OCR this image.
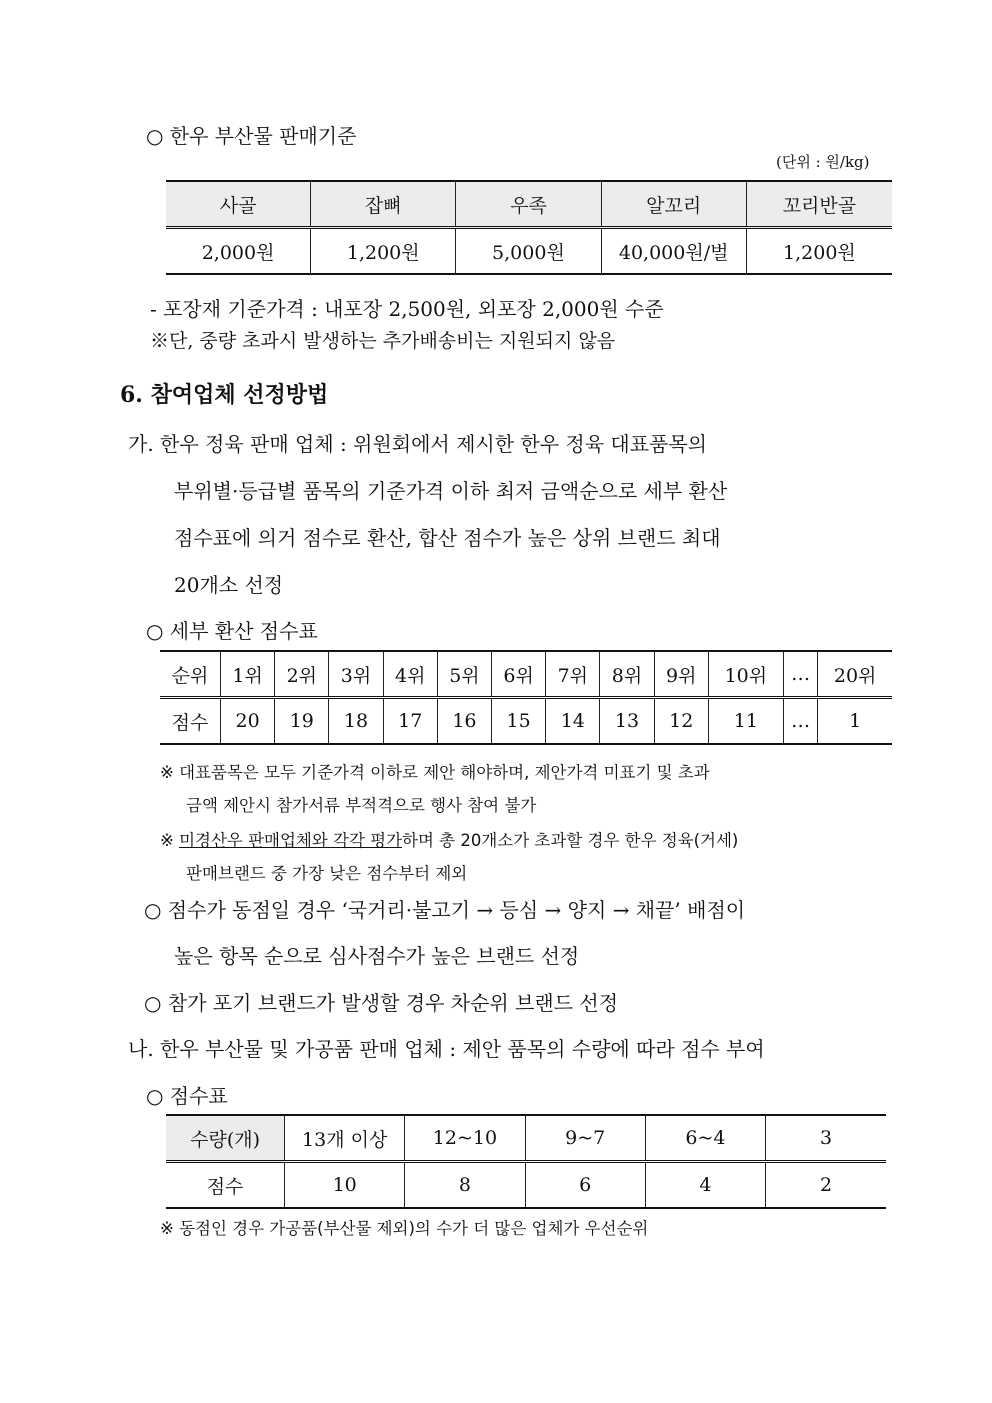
○ 한우 부산물 판매기준
(단위 : 원/kg)
사골	잡뼈	우족	알꼬리	꼬리반골
2,000원	1,200원	5,000원	40,000원/벌	1,200원
- 포장재 기준가격 : 내포장 2,500원, 외포장 2,000원 수준
※단, 중량 초과시 발생하는 추가배송비는 지원되지 않음
6. 참여업체 선정방법
가. 한우 정육 판매 업체 : 위원회에서 제시한 한우 정육 대표품목의
부위별·등급별 품목의 기준가격 이하 최저 금액순으로 세부 환산
점수표에 의거 점수로 환산, 합산 점수가 높은 상위 브랜드 최대
20개소 선정
○ 세부 환산 점수표
순위	1위	2위	3위	4위	5위	6위	7위	8위	9위	10위	…	20위
점수	20	19	18	17	16	15	14	13	12	11	…	1
※ 대표품목은 모두 기준가격 이하로 제안 해야하며, 제안가격 미표기 및 초과
금액 제안시 참가서류 부적격으로 행사 참여 불가
※ 미경산우 판매업체와 각각 평가하며 총 20개소가 초과할 경우 한우 정육(거세)
판매브랜드 중 가장 낮은 점수부터 제외
○ 점수가 동점일 경우 ‘국거리·불고기 → 등심 → 양지 → 채끝’ 배점이
높은 항목 순으로 심사점수가 높은 브랜드 선정
○ 참가 포기 브랜드가 발생할 경우 차순위 브랜드 선정
나. 한우 부산물 및 가공품 판매 업체 : 제안 품목의 수량에 따라 점수 부여
○ 점수표
수량(개)	13개 이상	12~10	9~7	6~4	3
점수	10	8	6	4	2
※ 동점인 경우 가공품(부산물 제외)의 수가 더 많은 업체가 우선순위
